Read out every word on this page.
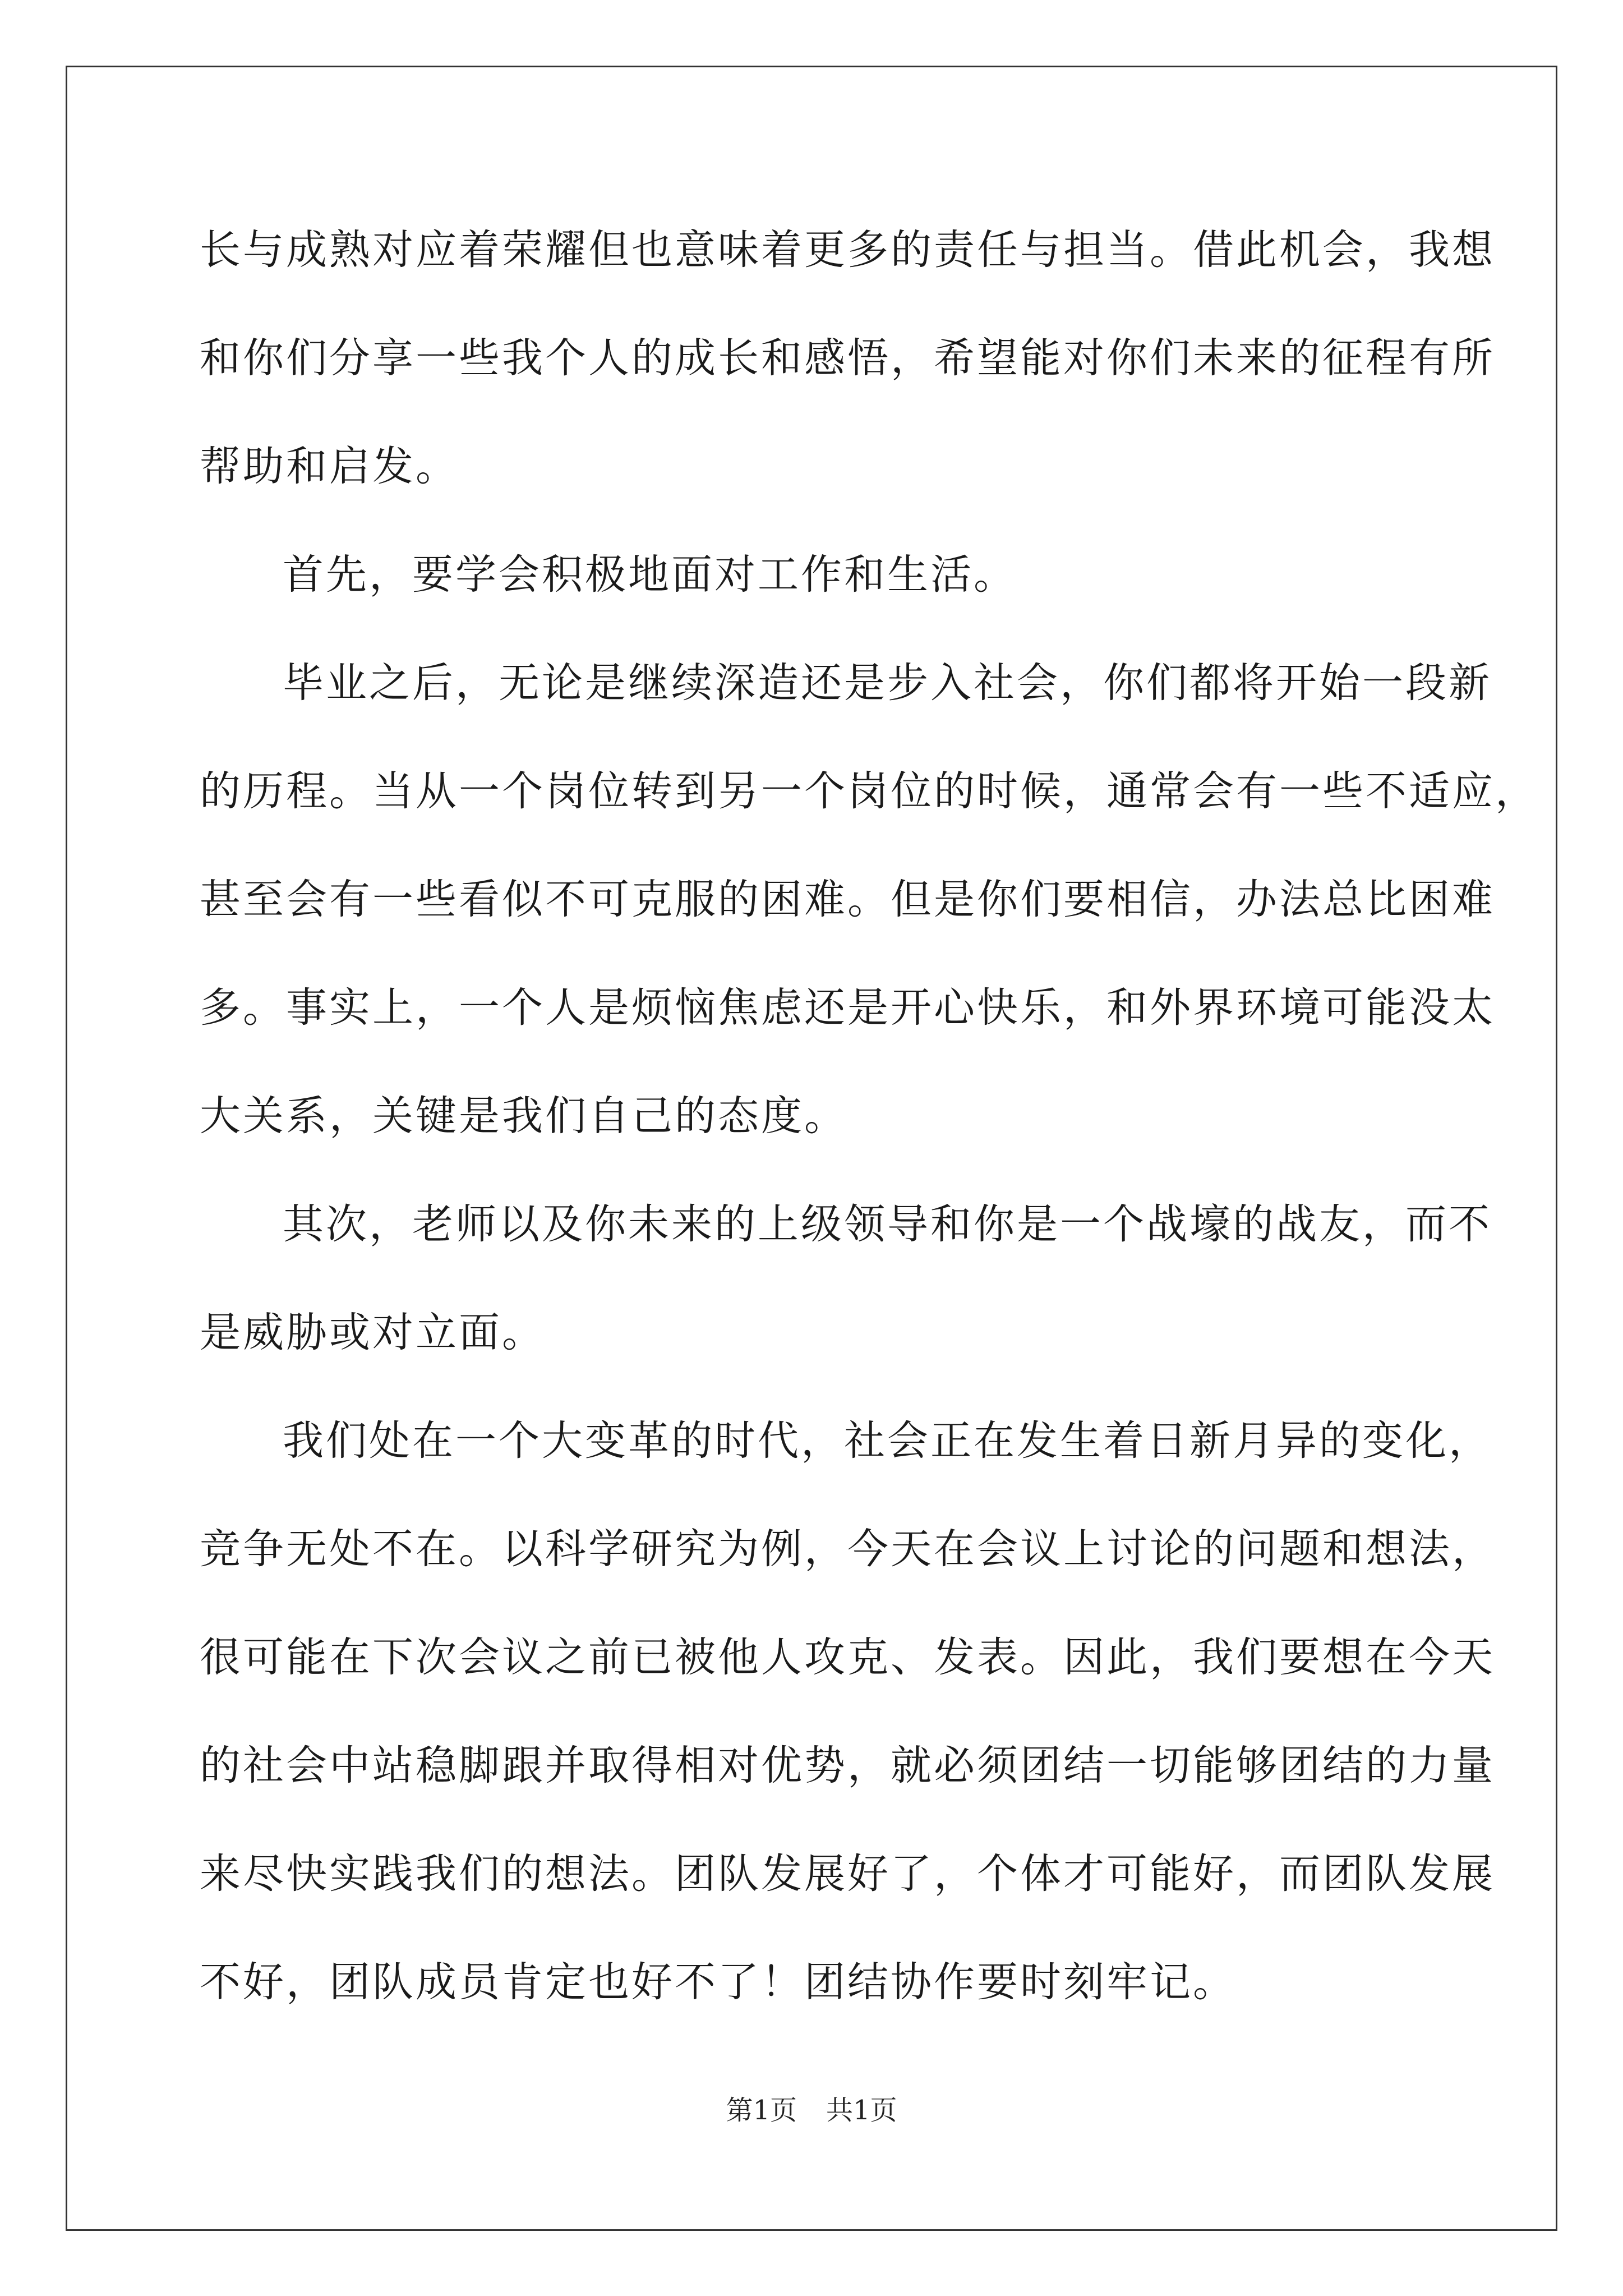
长与成熟对应着荣耀但也意味着更多的责任与担当。借此机会，我想
和你们分享一些我个人的成长和感悟，希望能对你们未来的征程有所
帮助和启发。
首先，要学会积极地面对工作和生活。
毕业之后，无论是继续深造还是步入社会，你们都将开始一段新
的历程。当从一个岗位转到另一个岗位的时候，通常会有一些不适应，
甚至会有一些看似不可克服的困难。但是你们要相信，办法总比困难
多。事实上，一个人是烦恼焦虑还是开心快乐，和外界环境可能没太
大关系，关键是我们自己的态度。
其次，老师以及你未来的上级领导和你是一个战壕的战友，而不
是威胁或对立面。
我们处在一个大变革的时代，社会正在发生着日新月异的变化，
竞争无处不在。以科学研究为例，今天在会议上讨论的问题和想法，
很可能在下次会议之前已被他人攻克、发表。因此，我们要想在今天
的社会中站稳脚跟并取得相对优势，就必须团结一切能够团结的力量
来尽快实践我们的想法。团队发展好了，个体才可能好，而团队发展
不好，团队成员肯定也好不了！团结协作要时刻牢记。
第1页 共1页
